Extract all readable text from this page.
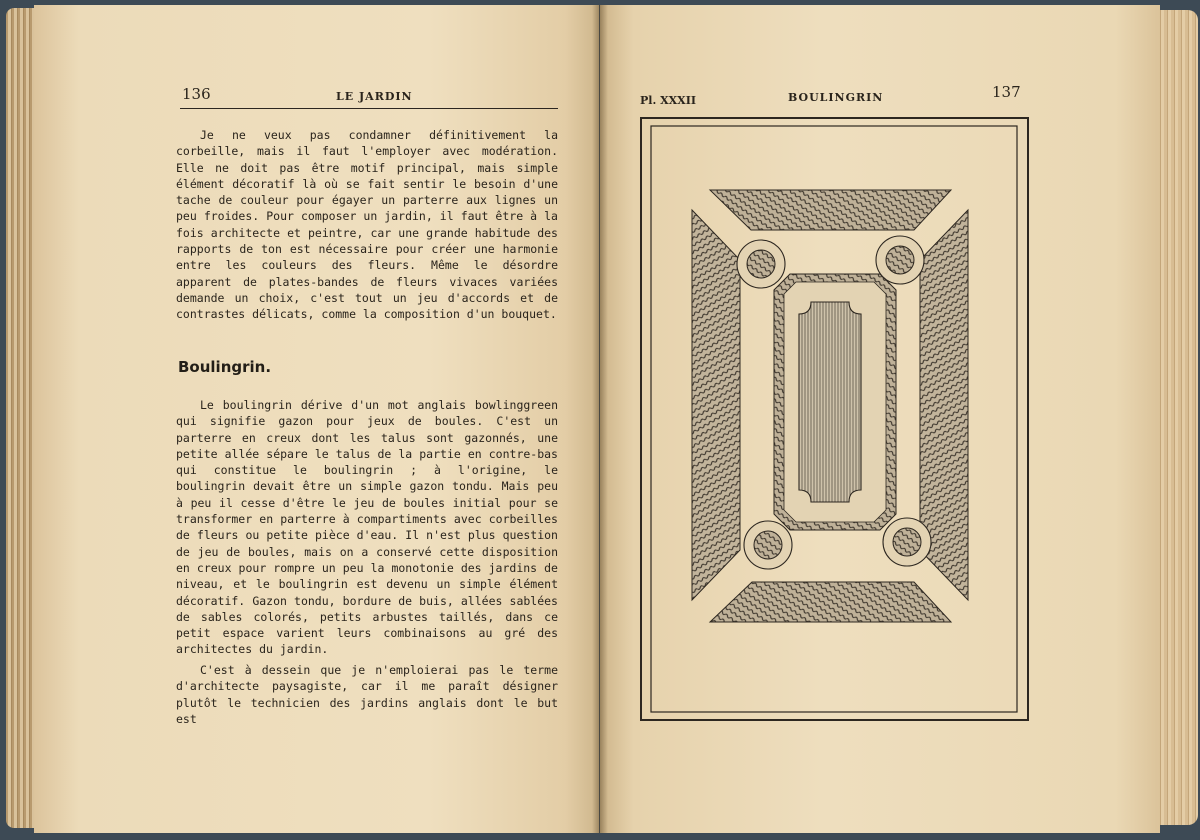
136	LE JARDIN

Je ne veux pas condamner définitivement la corbeille, mais il faut l'employer avec modération. Elle ne doit pas être motif principal, mais simple élément décoratif là où se fait sentir le besoin d'une tache de couleur pour égayer un parterre aux lignes un peu froides. Pour composer un jardin, il faut être à la fois architecte et peintre, car une grande habitude des rapports de ton est nécessaire pour créer une harmonie entre les couleurs des fleurs. Même le désordre apparent de plates-bandes de fleurs vivaces variées demande un choix, c'est tout un jeu d'accords et de contrastes délicats, comme la composition d'un bouquet.

Boulingrin.

Le boulingrin dérive d'un mot anglais bowlinggreen qui signifie gazon pour jeux de boules. C'est un parterre en creux dont les talus sont gazonnés, une petite allée sépare le talus de la partie en contre-bas qui constitue le boulingrin ; à l'origine, le boulingrin devait être un simple gazon tondu. Mais peu à peu il cesse d'être le jeu de boules initial pour se transformer en parterre à compartiments avec corbeilles de fleurs ou petite pièce d'eau. Il n'est plus question de jeu de boules, mais on a conservé cette disposition en creux pour rompre un peu la monotonie des jardins de niveau, et le boulingrin est devenu un simple élément décoratif. Gazon tondu, bordure de buis, allées sablées de sables colorés, petits arbustes taillés, dans ce petit espace varient leurs combinaisons au gré des architectes du jardin.

C'est à dessein que je n'emploierai pas le terme d'architecte paysagiste, car il me paraît désigner plutôt le technicien des jardins anglais dont le but est

Pl. XXXII	BOULINGRIN	137
